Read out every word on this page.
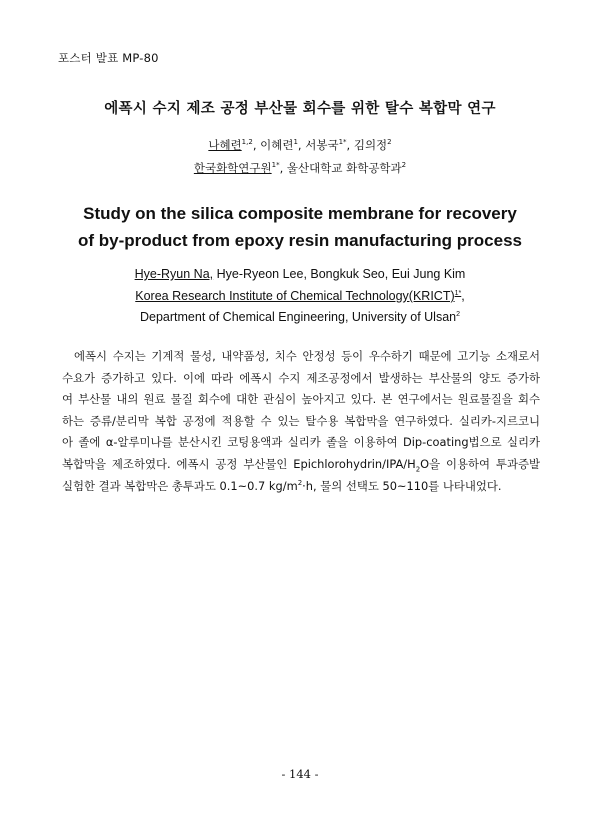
포스터 발표 MP-80
에폭시 수지 제조 공정 부산물 회수를 위한 탈수 복합막 연구
나혜련$^{1,2}$, 이혜련$^1$, 서봉국$^{1*}$, 김의정$^2$
한국화학연구원$^{1*}$, 울산대학교 화학공학과$^2$
Study on the silica composite membrane for recovery
of by-product from epoxy resin manufacturing process
Hye-Ryun Na, Hye-Ryeon Lee, Bongkuk Seo, Eui Jung Kim
Korea Research Institute of Chemical Technology(KRICT)$^{1*}$,
Department of Chemical Engineering, University of Ulsan$^2$
에폭시 수지는 기계적 물성, 내약품성, 치수 안정성 등이 우수하기 때문에 고기능 소재로서
수요가 증가하고 있다. 이에 따라 에폭시 수지 제조공정에서 발생하는 부산물의 양도 증가하
여 부산물 내의 원료 물질 회수에 대한 관심이 높아지고 있다. 본 연구에서는 원료물질을 회수
하는 증류/분리막 복합 공정에 적용할 수 있는 탈수용 복합막을 연구하였다. 실리카-지르코니
아 졸에 α-알루미나를 분산시킨 코팅용액과 실리카 졸을 이용하여 Dip-coating법으로 실리카
복합막을 제조하였다. 에폭시 공정 부산물인 Epichlorohydrin/$IPA/H_2O$을 이용하여 투과증발
실험한 결과 복합막은 총투과도 0.1~0.7 $kg/m^2\cdot h$, 물의 선택도 50~110를 나타내었다.
- 144 -
